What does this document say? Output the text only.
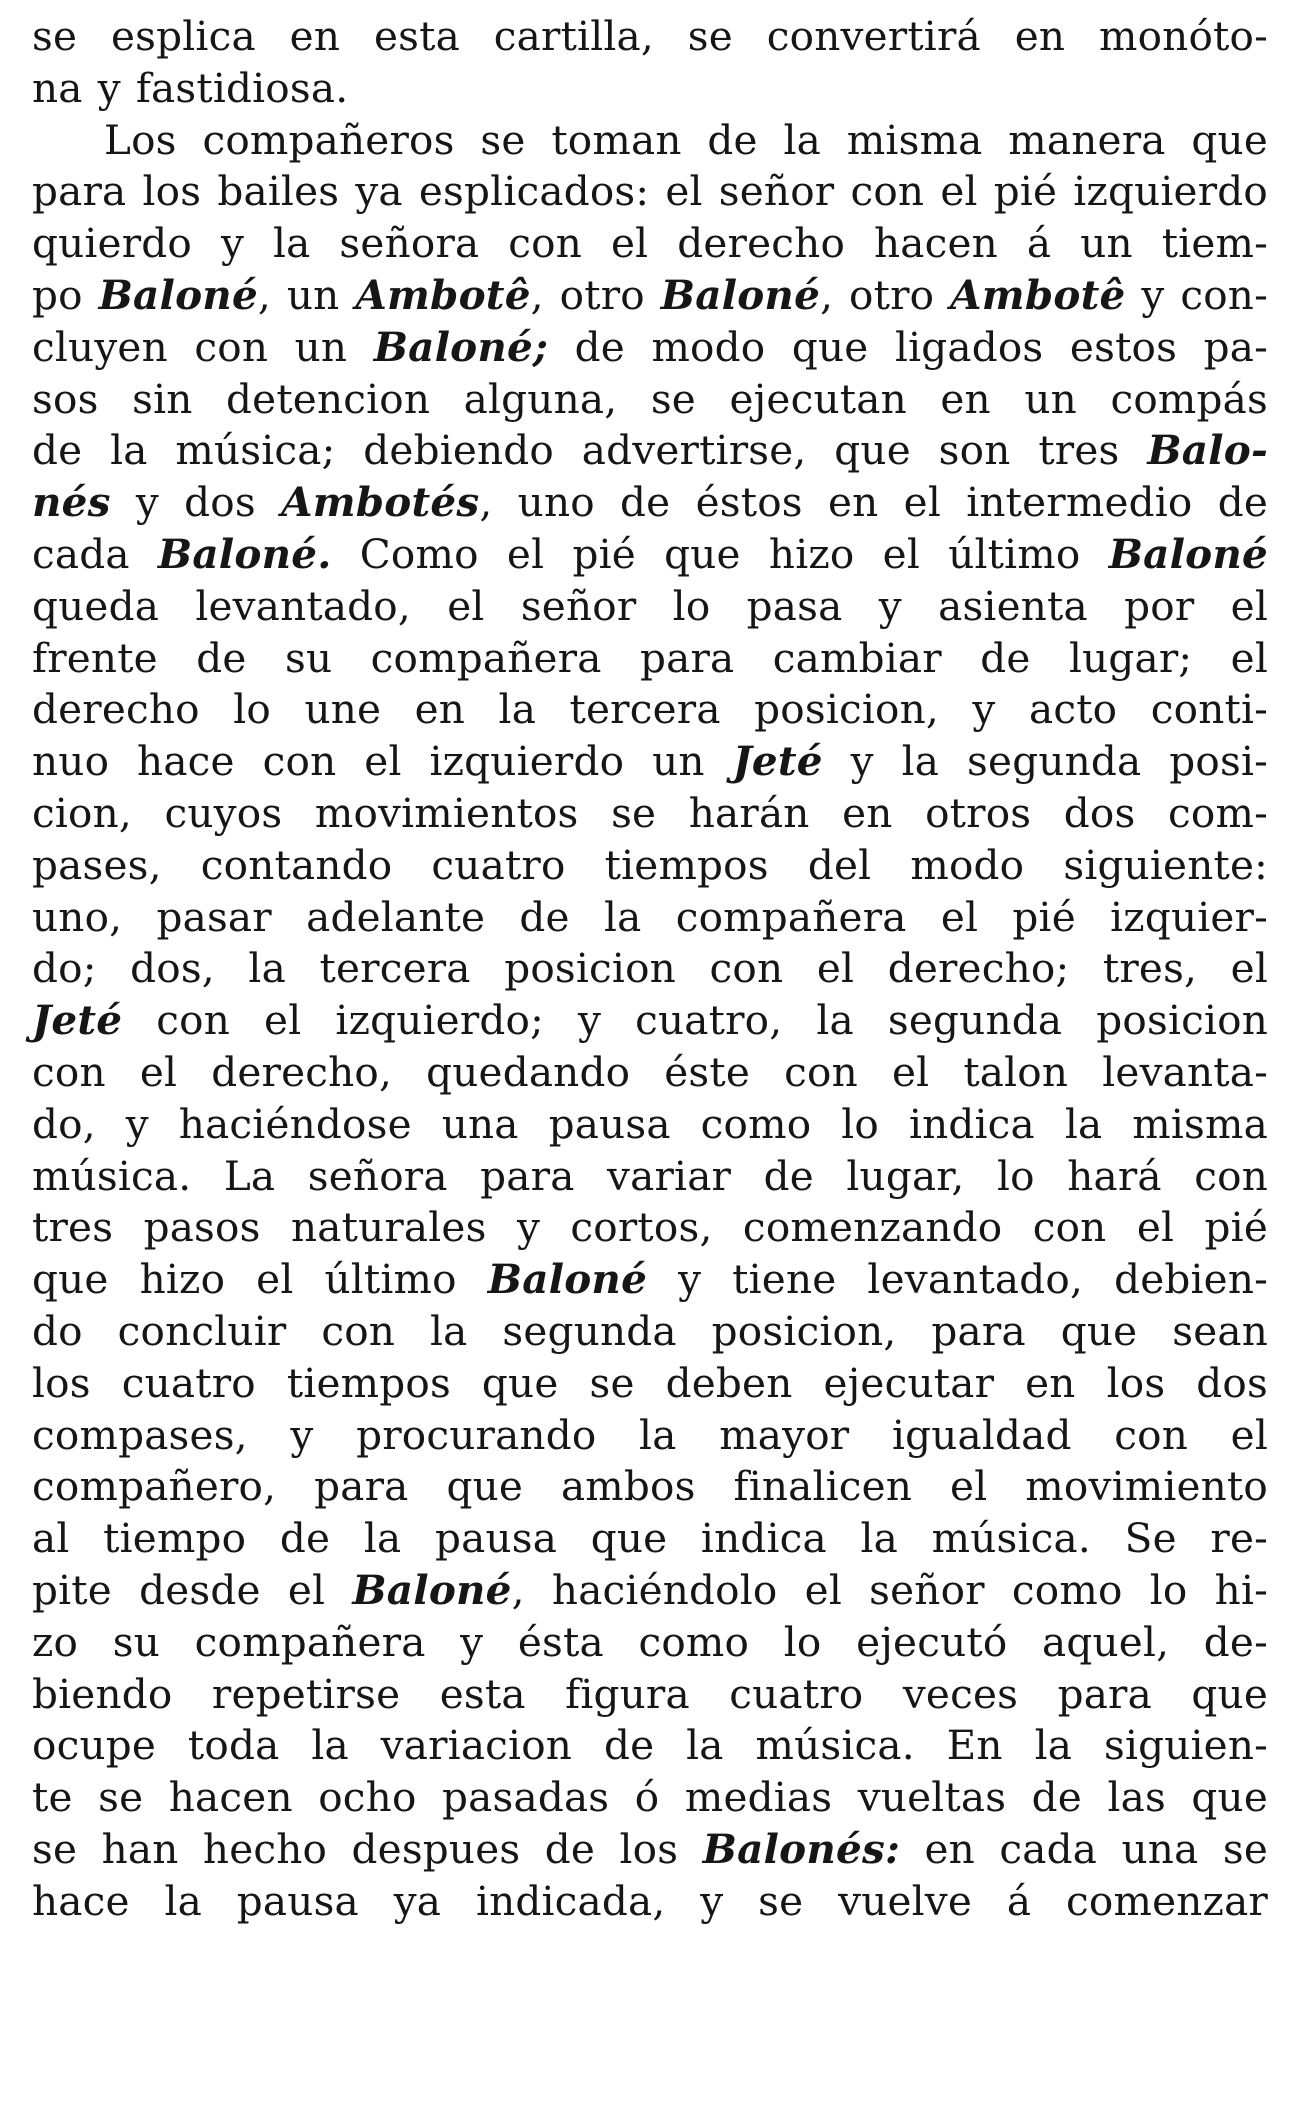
se esplica en esta cartilla, se convertirá en monóto-
na y fastidiosa.
Los compañeros se toman de la misma manera que
para los bailes ya esplicados: el señor con el pié izquierdo
quierdo y la señora con el derecho hacen á un tiem-
po Baloné, un Ambotê, otro Baloné, otro Ambotê y con-
cluyen con un Baloné; de modo que ligados estos pa-
sos sin detencion alguna, se ejecutan en un compás
de la música; debiendo advertirse, que son tres Balo-
nés y dos Ambotés, uno de éstos en el intermedio de
cada Baloné. Como el pié que hizo el último Baloné
queda levantado, el señor lo pasa y asienta por el
frente de su compañera para cambiar de lugar; el
derecho lo une en la tercera posicion, y acto conti-
nuo hace con el izquierdo un Jeté y la segunda posi-
cion, cuyos movimientos se harán en otros dos com-
pases, contando cuatro tiempos del modo siguiente:
uno, pasar adelante de la compañera el pié izquier-
do; dos, la tercera posicion con el derecho; tres, el
Jeté con el izquierdo; y cuatro, la segunda posicion
con el derecho, quedando éste con el talon levanta-
do, y haciéndose una pausa como lo indica la misma
música. La señora para variar de lugar, lo hará con
tres pasos naturales y cortos, comenzando con el pié
que hizo el último Baloné y tiene levantado, debien-
do concluir con la segunda posicion, para que sean
los cuatro tiempos que se deben ejecutar en los dos
compases, y procurando la mayor igualdad con el
compañero, para que ambos finalicen el movimiento
al tiempo de la pausa que indica la música. Se re-
pite desde el Baloné, haciéndolo el señor como lo hi-
zo su compañera y ésta como lo ejecutó aquel, de-
biendo repetirse esta figura cuatro veces para que
ocupe toda la variacion de la música. En la siguien-
te se hacen ocho pasadas ó medias vueltas de las que
se han hecho despues de los Balonés: en cada una se
hace la pausa ya indicada, y se vuelve á comenzar
